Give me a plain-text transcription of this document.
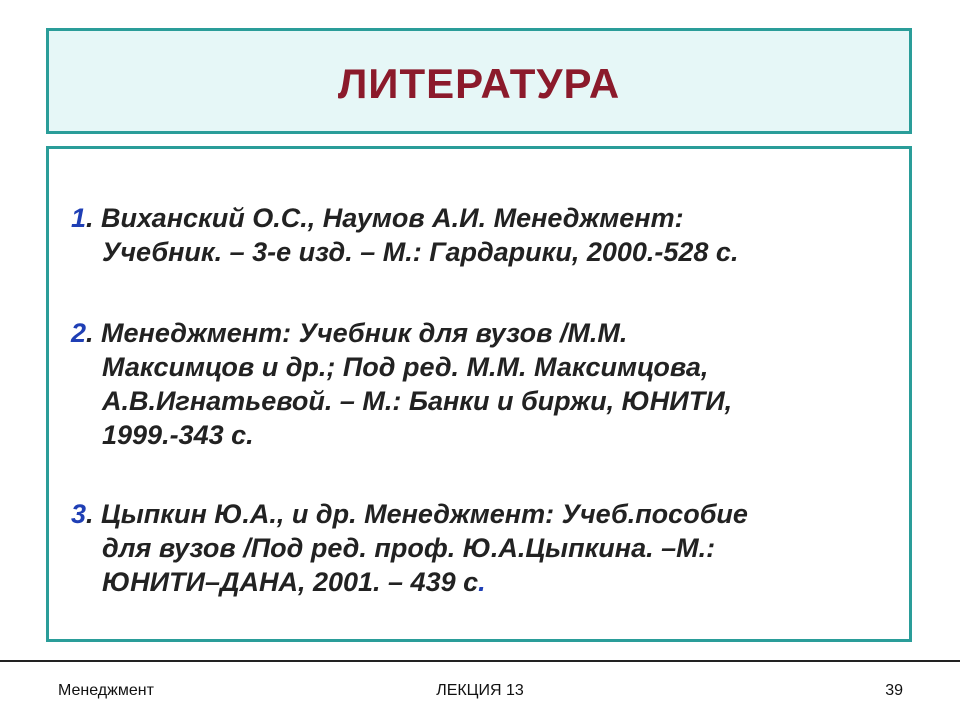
ЛИТЕРАТУРА
1. Виханский О.С., Наумов А.И. Менеджмент:
Учебник. – 3-е изд. – М.: Гардарики, 2000.-528 с.
2. Менеджмент: Учебник для вузов /М.М.
Максимцов и др.; Под ред. М.М. Максимцова,
А.В.Игнатьевой. – М.: Банки и биржи, ЮНИТИ,
1999.-343 с.
3. Цыпкин Ю.А., и др. Менеджмент: Учеб.пособие
для вузов /Под ред. проф. Ю.А.Цыпкина. –М.:
ЮНИТИ–ДАНА, 2001. – 439 с.
Менеджмент	ЛЕКЦИЯ 13	39
